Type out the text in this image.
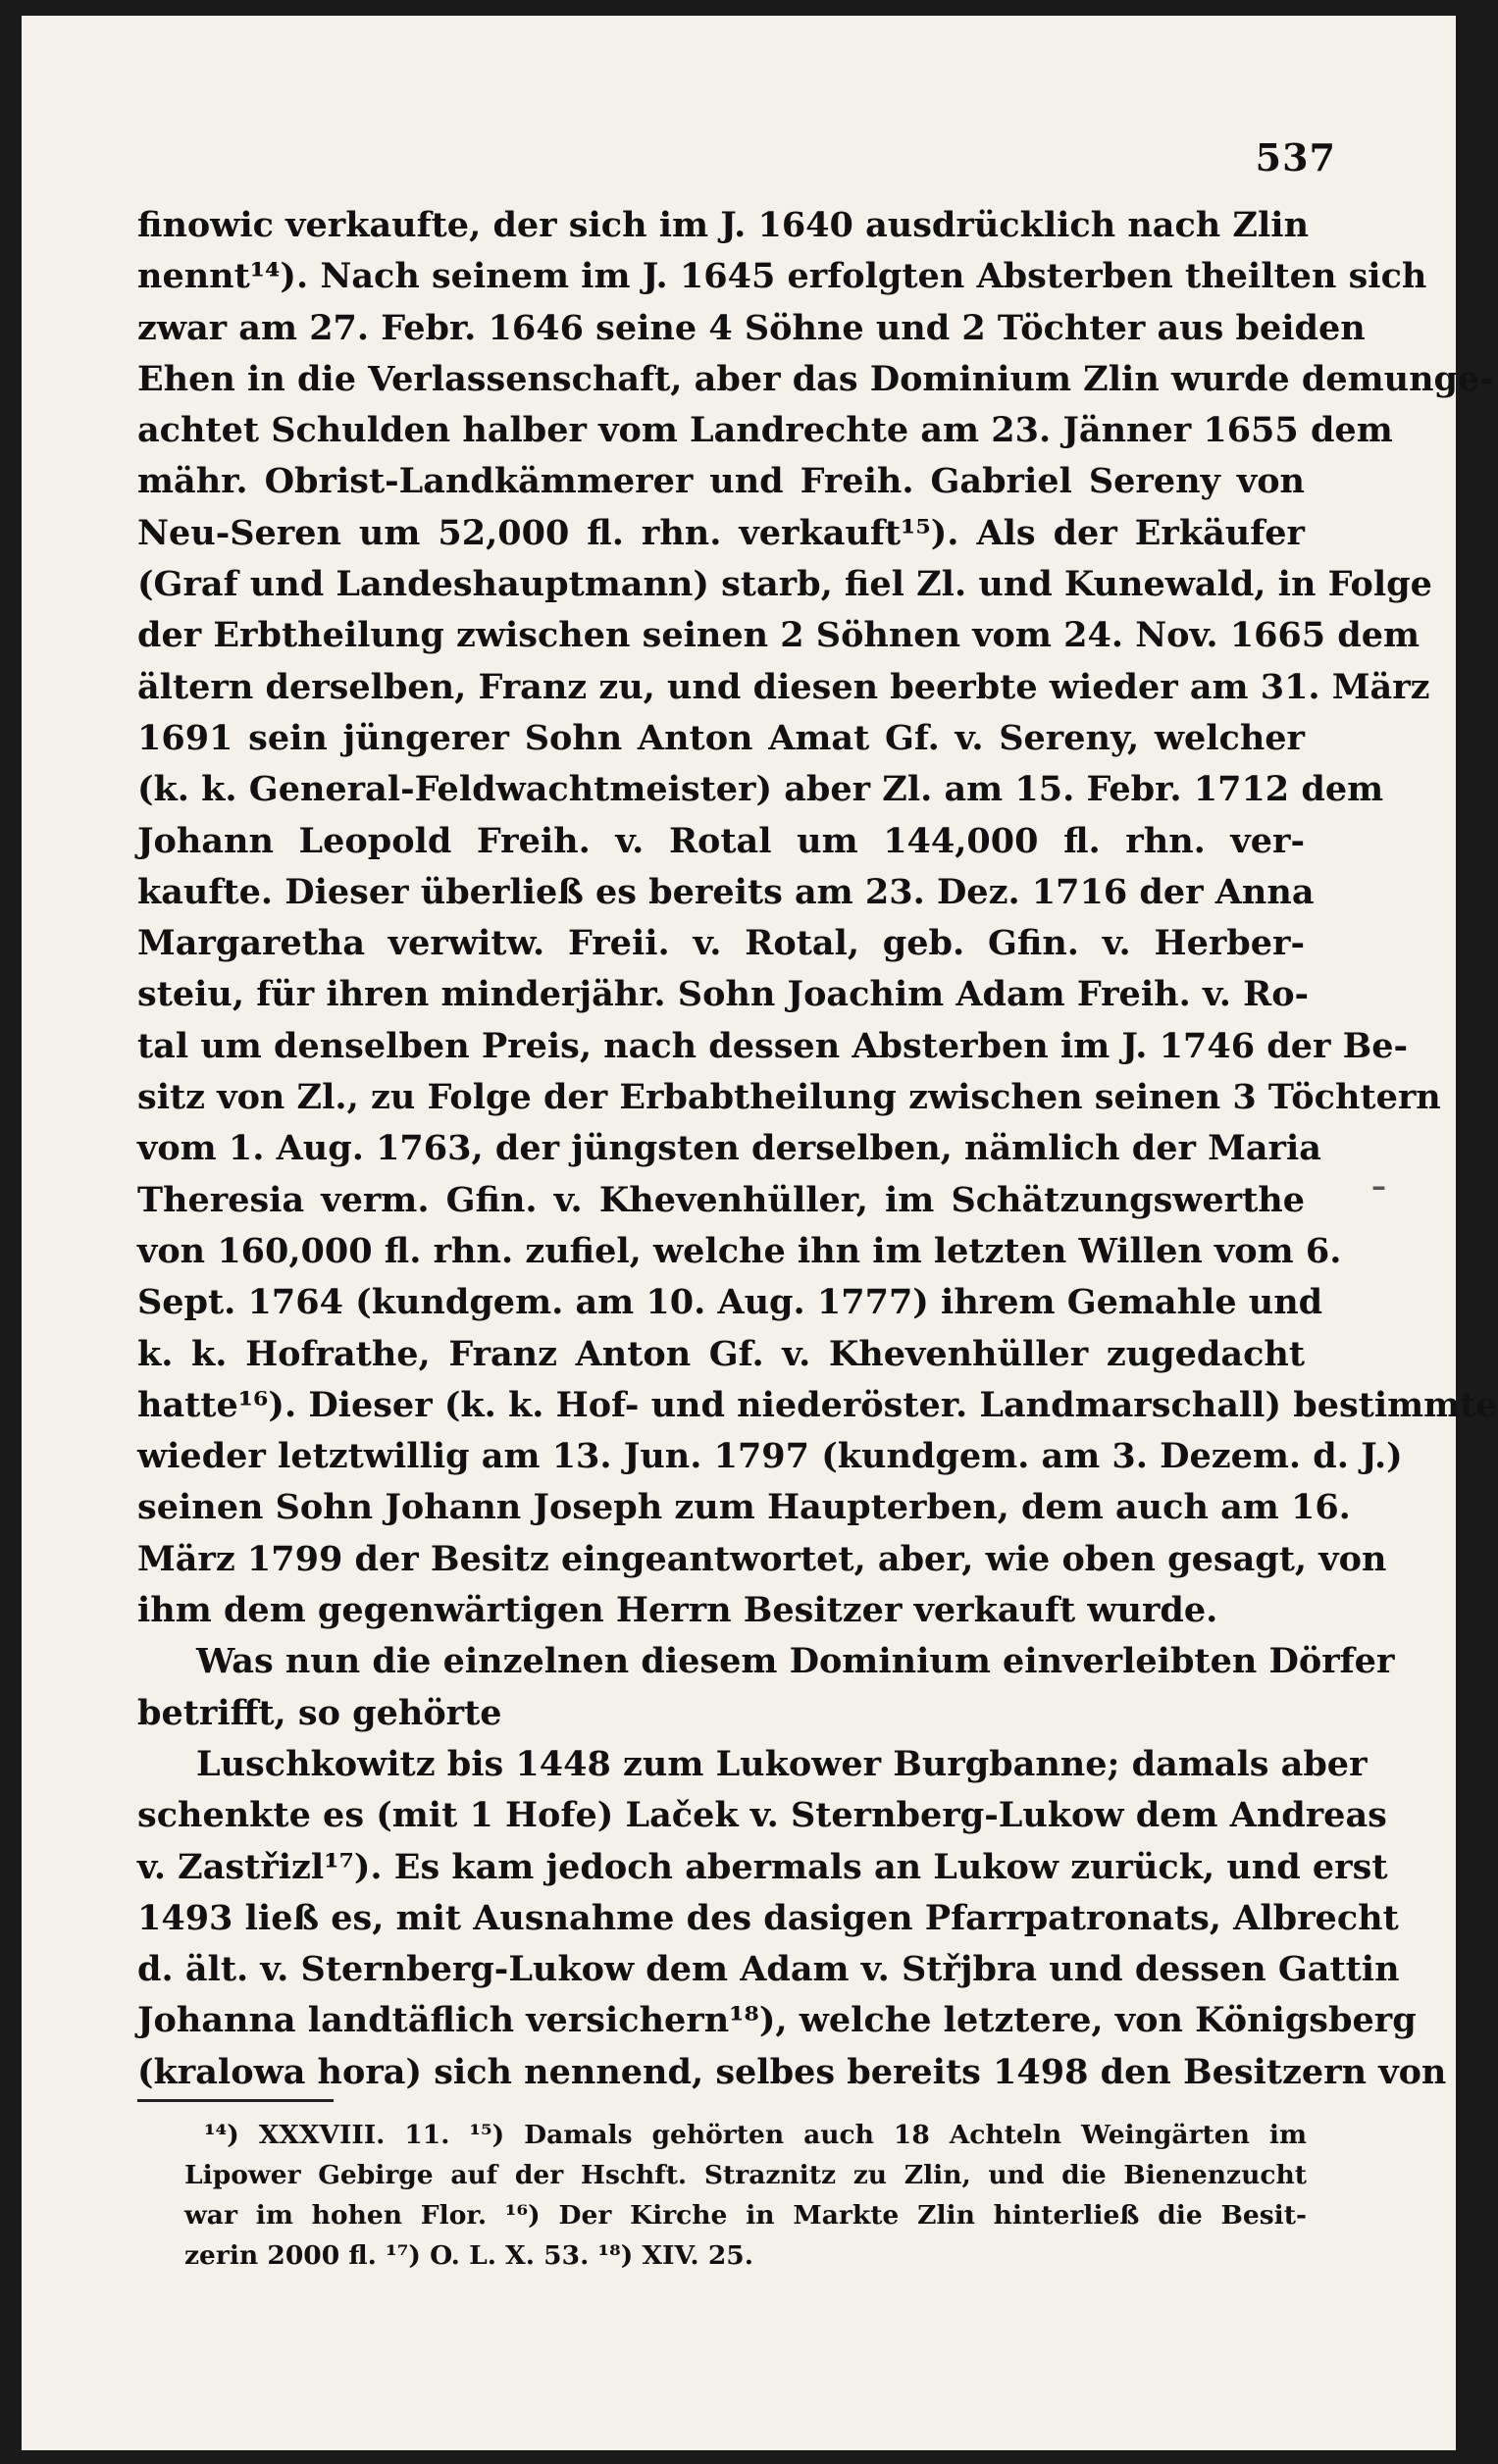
537
finowic verkaufte, der sich im J. 1640 ausdrücklich nach Zlin
nennt¹⁴). Nach seinem im J. 1645 erfolgten Absterben theilten sich
zwar am 27. Febr. 1646 seine 4 Söhne und 2 Töchter aus beiden
Ehen in die Verlassenschaft, aber das Dominium Zlin wurde demunge-
achtet Schulden halber vom Landrechte am 23. Jänner 1655 dem
mähr. Obrist-Landkämmerer und Freih. Gabriel Sereny von
Neu-Seren um 52,000 fl. rhn. verkauft¹⁵). Als der Erkäufer
(Graf und Landeshauptmann) starb, fiel Zl. und Kunewald, in Folge
der Erbtheilung zwischen seinen 2 Söhnen vom 24. Nov. 1665 dem
ältern derselben, Franz zu, und diesen beerbte wieder am 31. März
1691 sein jüngerer Sohn Anton Amat Gf. v. Sereny, welcher
(k. k. General-Feldwachtmeister) aber Zl. am 15. Febr. 1712 dem
Johann Leopold Freih. v. Rotal um 144,000 fl. rhn. ver-
kaufte. Dieser überließ es bereits am 23. Dez. 1716 der Anna
Margaretha verwitw. Freii. v. Rotal, geb. Gfin. v. Herber-
steiu, für ihren minderjähr. Sohn Joachim Adam Freih. v. Ro-
tal um denselben Preis, nach dessen Absterben im J. 1746 der Be-
sitz von Zl., zu Folge der Erbabtheilung zwischen seinen 3 Töchtern
vom 1. Aug. 1763, der jüngsten derselben, nämlich der Maria
Theresia verm. Gfin. v. Khevenhüller, im Schätzungswerthe
von 160,000 fl. rhn. zufiel, welche ihn im letzten Willen vom 6.
Sept. 1764 (kundgem. am 10. Aug. 1777) ihrem Gemahle und
k. k. Hofrathe, Franz Anton Gf. v. Khevenhüller zugedacht
hatte¹⁶). Dieser (k. k. Hof- und niederöster. Landmarschall) bestimmte
wieder letztwillig am 13. Jun. 1797 (kundgem. am 3. Dezem. d. J.)
seinen Sohn Johann Joseph zum Haupterben, dem auch am 16.
März 1799 der Besitz eingeantwortet, aber, wie oben gesagt, von
ihm dem gegenwärtigen Herrn Besitzer verkauft wurde.
Was nun die einzelnen diesem Dominium einverleibten Dörfer
betrifft, so gehörte
Luschkowitz bis 1448 zum Lukower Burgbanne; damals aber
schenkte es (mit 1 Hofe) Laček v. Sternberg-Lukow dem Andreas
v. Zastřizl¹⁷). Es kam jedoch abermals an Lukow zurück, und erst
1493 ließ es, mit Ausnahme des dasigen Pfarrpatronats, Albrecht
d. ält. v. Sternberg-Lukow dem Adam v. Střjbra und dessen Gattin
Johanna landtäflich versichern¹⁸), welche letztere, von Königsberg
(kralowa hora) sich nennend, selbes bereits 1498 den Besitzern von
–
¹⁴) XXXVIII. 11. ¹⁵) Damals gehörten auch 18 Achteln Weingärten im
Lipower Gebirge auf der Hschft. Straznitz zu Zlin, und die Bienenzucht
war im hohen Flor. ¹⁶) Der Kirche in Markte Zlin hinterließ die Besit-
zerin 2000 fl. ¹⁷) O. L. X. 53. ¹⁸) XIV. 25.
